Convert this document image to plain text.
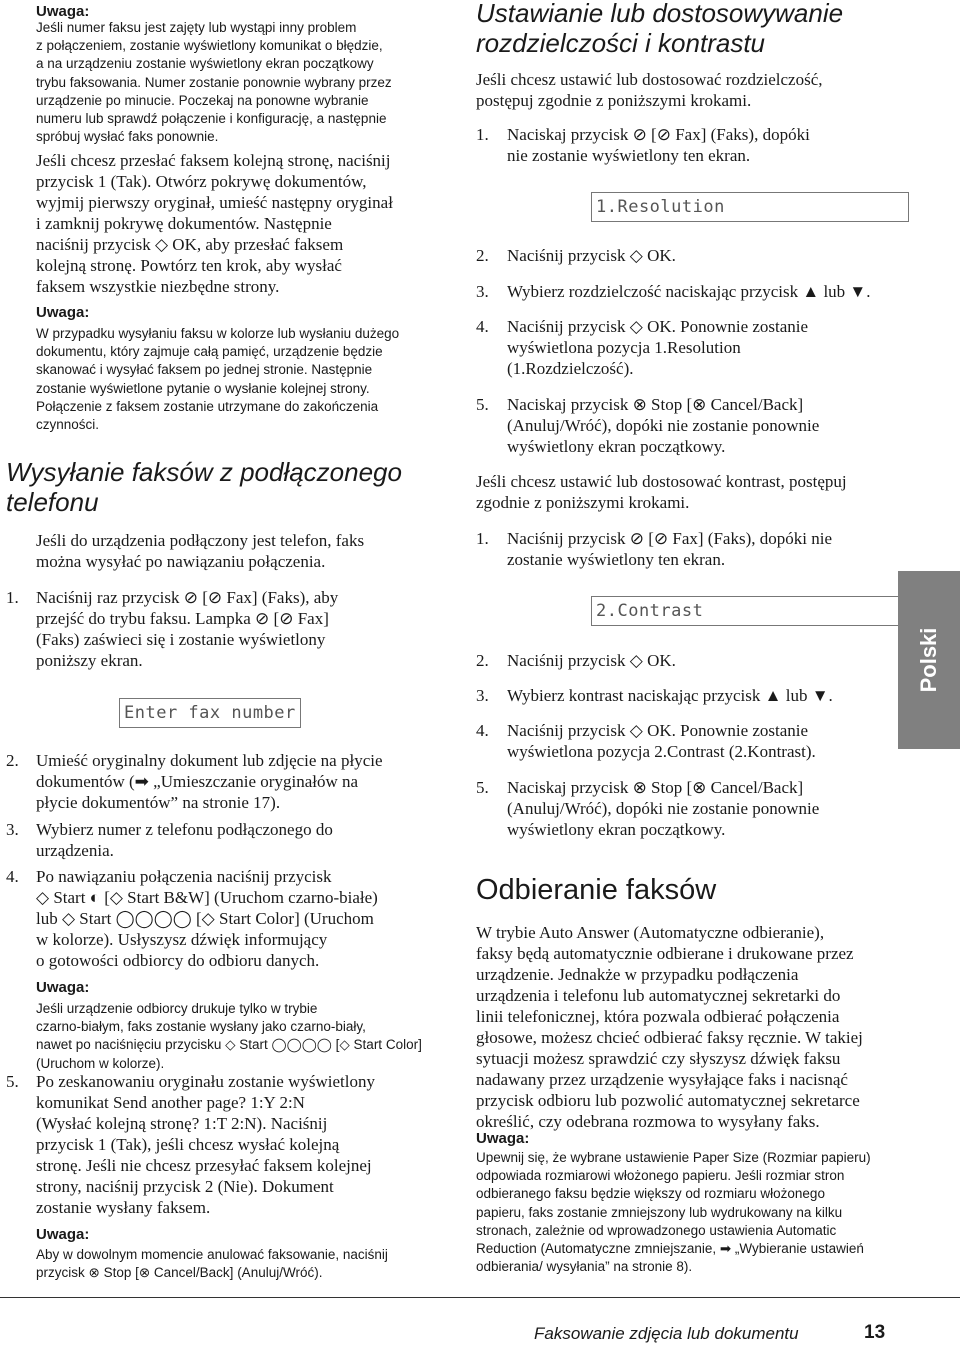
Uwaga:
Jeśli numer faksu jest zajęty lub wystąpi inny problem
z połączeniem, zostanie wyświetlony komunikat o błędzie,
a na urządzeniu zostanie wyświetlony ekran początkowy
trybu faksowania. Numer zostanie ponownie wybrany przez
urządzenie po minucie. Poczekaj na ponowne wybranie
numeru lub sprawdź połączenie i konfigurację, a następnie
spróbuj wysłać faks ponownie.
Jeśli chcesz przesłać faksem kolejną stronę, naciśnij
przycisk 1 (Tak). Otwórz pokrywę dokumentów,
wyjmij pierwszy oryginał, umieść następny oryginał
i zamknij pokrywę dokumentów. Następnie
naciśnij przycisk ◇ OK, aby przesłać faksem
kolejną stronę. Powtórz ten krok, aby wysłać
faksem wszystkie niezbędne strony.
Uwaga:
W przypadku wysyłaniu faksu w kolorze lub wysłaniu dużego
dokumentu, który zajmuje całą pamięć, urządzenie będzie
skanować i wysyłać faksem po jednej stronie. Następnie
zostanie wyświetlone pytanie o wysłanie kolejnej strony.
Połączenie z faksem zostanie utrzymane do zakończenia
czynności.
Wysyłanie faksów z podłączonego
telefonu
Jeśli do urządzenia podłączony jest telefon, faks
można wysyłać po nawiązaniu połączenia.
1. Naciśnij raz przycisk ⊘ [⊘ Fax] (Faks), aby
przejść do trybu faksu. Lampka ⊘ [⊘ Fax]
(Faks) zaświeci się i zostanie wyświetlony
poniższy ekran.
Enter fax number
2. Umieść oryginalny dokument lub zdjęcie na płycie
dokumentów (➡ „Umieszczanie oryginałów na
płycie dokumentów” na stronie 17).
3. Wybierz numer z telefonu podłączonego do
urządzenia.
4. Po nawiązaniu połączenia naciśnij przycisk
◇ Start ◐ [◇ Start B&W] (Uruchom czarno-białe)
lub ◇ Start ◯◯◯◯ [◇ Start Color] (Uruchom
w kolorze). Usłyszysz dźwięk informujący
o gotowości odbiorcy do odbioru danych.
Uwaga:
Jeśli urządzenie odbiorcy drukuje tylko w trybie
czarno-białym, faks zostanie wysłany jako czarno-biały,
nawet po naciśnięciu przycisku ◇ Start ◯◯◯◯ [◇ Start Color]
(Uruchom w kolorze).
5. Po zeskanowaniu oryginału zostanie wyświetlony
komunikat Send another page? 1:Y 2:N
(Wysłać kolejną stronę? 1:T 2:N). Naciśnij
przycisk 1 (Tak), jeśli chcesz wysłać kolejną
stronę. Jeśli nie chcesz przesyłać faksem kolejnej
strony, naciśnij przycisk 2 (Nie). Dokument
zostanie wysłany faksem.
Uwaga:
Aby w dowolnym momencie anulować faksowanie, naciśnij
przycisk ⊗ Stop [⊗ Cancel/Back] (Anuluj/Wróć).
Ustawianie lub dostosowywanie
rozdzielczości i kontrastu
Jeśli chcesz ustawić lub dostosować rozdzielczość,
postępuj zgodnie z poniższymi krokami.
1. Naciskaj przycisk ⊘ [⊘ Fax] (Faks), dopóki
nie zostanie wyświetlony ten ekran.
1.Resolution
2. Naciśnij przycisk ◇ OK.
3. Wybierz rozdzielczość naciskając przycisk ▲ lub ▼.
4. Naciśnij przycisk ◇ OK. Ponownie zostanie
wyświetlona pozycja 1.Resolution
(1.Rozdzielczość).
5. Naciskaj przycisk ⊗ Stop [⊗ Cancel/Back]
(Anuluj/Wróć), dopóki nie zostanie ponownie
wyświetlony ekran początkowy.
Jeśli chcesz ustawić lub dostosować kontrast, postępuj
zgodnie z poniższymi krokami.
1. Naciśnij przycisk ⊘ [⊘ Fax] (Faks), dopóki nie
zostanie wyświetlony ten ekran.
2.Contrast
2. Naciśnij przycisk ◇ OK.
3. Wybierz kontrast naciskając przycisk ▲ lub ▼.
4. Naciśnij przycisk ◇ OK. Ponownie zostanie
wyświetlona pozycja 2.Contrast (2.Kontrast).
5. Naciskaj przycisk ⊗ Stop [⊗ Cancel/Back]
(Anuluj/Wróć), dopóki nie zostanie ponownie
wyświetlony ekran początkowy.
Odbieranie faksów
W trybie Auto Answer (Automatyczne odbieranie),
faksy będą automatycznie odbierane i drukowane przez
urządzenie. Jednakże w przypadku podłączenia
urządzenia i telefonu lub automatycznej sekretarki do
linii telefonicznej, która pozwala odbierać połączenia
głosowe, możesz chcieć odbierać faksy ręcznie. W takiej
sytuacji możesz sprawdzić czy słyszysz dźwięk faksu
nadawany przez urządzenie wysyłające faks i nacisnąć
przycisk odbioru lub pozwolić automatycznej sekretarce
określić, czy odebrana rozmowa to wysyłany faks.
Uwaga:
Upewnij się, że wybrane ustawienie Paper Size (Rozmiar papieru)
odpowiada rozmiarowi włożonego papieru. Jeśli rozmiar stron
odbieranego faksu będzie większy od rozmiaru włożonego
papieru, faks zostanie zmniejszony lub wydrukowany na kilku
stronach, zależnie od wprowadzonego ustawienia Automatic
Reduction (Automatyczne zmniejszanie, ➡ „Wybieranie ustawień
odbierania/ wysyłania” na stronie 8).
Polski
Faksowanie zdjęcia lub dokumentu	13
